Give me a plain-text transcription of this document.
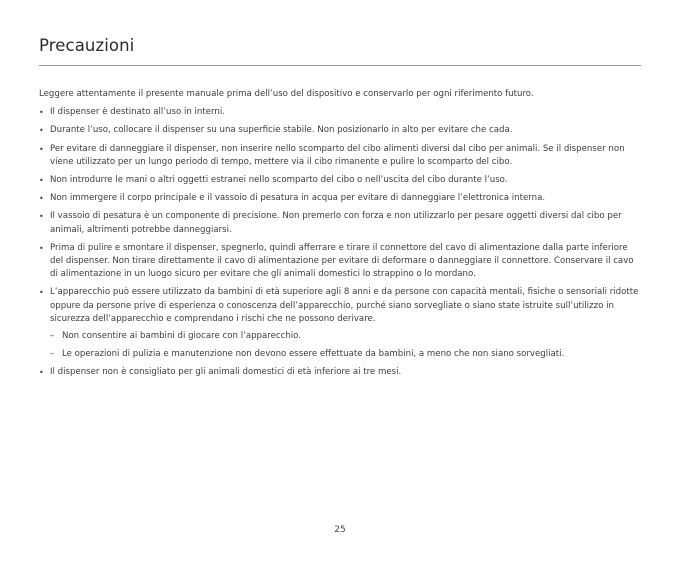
Precauzioni

Leggere attentamente il presente manuale prima dell’uso del dispositivo e conservarlo per ogni riferimento futuro.

• Il dispenser è destinato all’uso in interni.
• Durante l’uso, collocare il dispenser su una superficie stabile. Non posizionarlo in alto per evitare che cada.
• Per evitare di danneggiare il dispenser, non inserire nello scomparto del cibo alimenti diversi dal cibo per animali. Se il dispenser non viene utilizzato per un lungo periodo di tempo, mettere via il cibo rimanente e pulire lo scomparto del cibo.
• Non introdurre le mani o altri oggetti estranei nello scomparto del cibo o nell’uscita del cibo durante l’uso.
• Non immergere il corpo principale e il vassoio di pesatura in acqua per evitare di danneggiare l’elettronica interna.
• Il vassoio di pesatura è un componente di precisione. Non premerlo con forza e non utilizzarlo per pesare oggetti diversi dal cibo per animali, altrimenti potrebbe danneggiarsi.
• Prima di pulire e smontare il dispenser, spegnerlo, quindi afferrare e tirare il connettore del cavo di alimentazione dalla parte inferiore del dispenser. Non tirare direttamente il cavo di alimentazione per evitare di deformare o danneggiare il connettore. Conservare il cavo di alimentazione in un luogo sicuro per evitare che gli animali domestici lo strappino o lo mordano.
• L’apparecchio può essere utilizzato da bambini di età superiore agli 8 anni e da persone con capacità mentali, fisiche o sensoriali ridotte oppure da persone prive di esperienza o conoscenza dell’apparecchio, purché siano sorvegliate o siano state istruite sull’utilizzo in sicurezza dell’apparecchio e comprendano i rischi che ne possono derivare.
– Non consentire ai bambini di giocare con l’apparecchio.
– Le operazioni di pulizia e manutenzione non devono essere effettuate da bambini, a meno che non siano sorvegliati.
• Il dispenser non è consigliato per gli animali domestici di età inferiore ai tre mesi.
25
